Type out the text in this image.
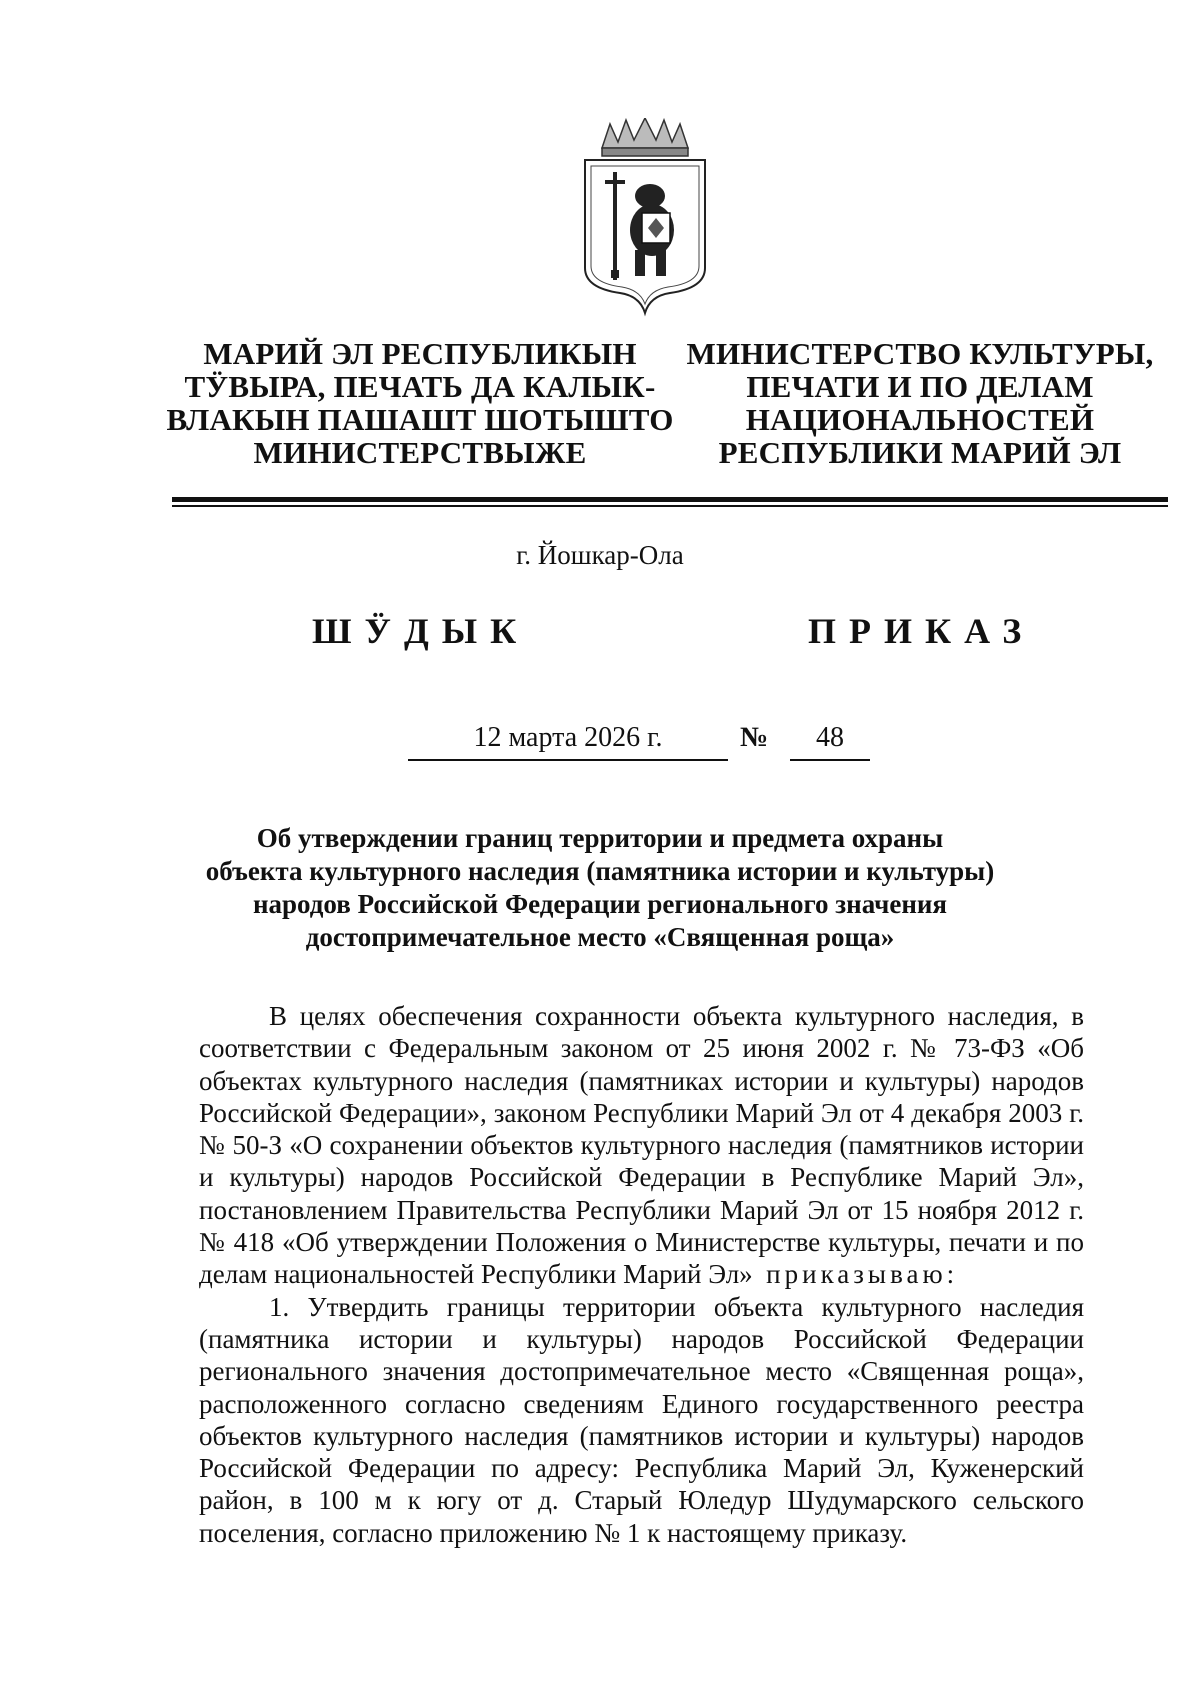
МАРИЙ ЭЛ РЕСПУБЛИКЫН
ТӰВЫРА, ПЕЧАТЬ ДА КАЛЫК-
ВЛАКЫН ПАШАШТ ШОТЫШТО
МИНИСТЕРСТВЫЖЕ
МИНИСТЕРСТВО КУЛЬТУРЫ,
ПЕЧАТИ И ПО ДЕЛАМ
НАЦИОНАЛЬНОСТЕЙ
РЕСПУБЛИКИ МАРИЙ ЭЛ
г. Йошкар-Ола
ШӰДЫК	ПРИКАЗ
12 марта 2026 г.	№	48
Об утверждении границ территории и предмета охраны
объекта культурного наследия (памятника истории и культуры)
народов Российской Федерации регионального значения
достопримечательное место «Священная роща»

В целях обеспечения сохранности объекта культурного наследия, в соответствии с Федеральным законом от 25 июня 2002 г. № 73-ФЗ «Об объектах культурного наследия (памятниках истории и культуры) народов Российской Федерации», законом Республики Марий Эл от 4 декабря 2003 г. № 50-З «О сохранении объектов культурного наследия (памятников истории и культуры) народов Российской Федерации в Республике Марий Эл», постановлением Правительства Республики Марий Эл от 15 ноября 2012 г. № 418 «Об утверждении Положения о Министерстве культуры, печати и по делам национальностей Республики Марий Эл» приказываю:

1. Утвердить границы территории объекта культурного наследия (памятника истории и культуры) народов Российской Федерации регионального значения достопримечательное место «Священная роща», расположенного согласно сведениям Единого государственного реестра объектов культурного наследия (памятников истории и культуры) народов Российской Федерации по адресу: Республика Марий Эл, Куженерский район, в 100 м к югу от д. Старый Юледур Шудумарского сельского поселения, согласно приложению № 1 к настоящему приказу.
